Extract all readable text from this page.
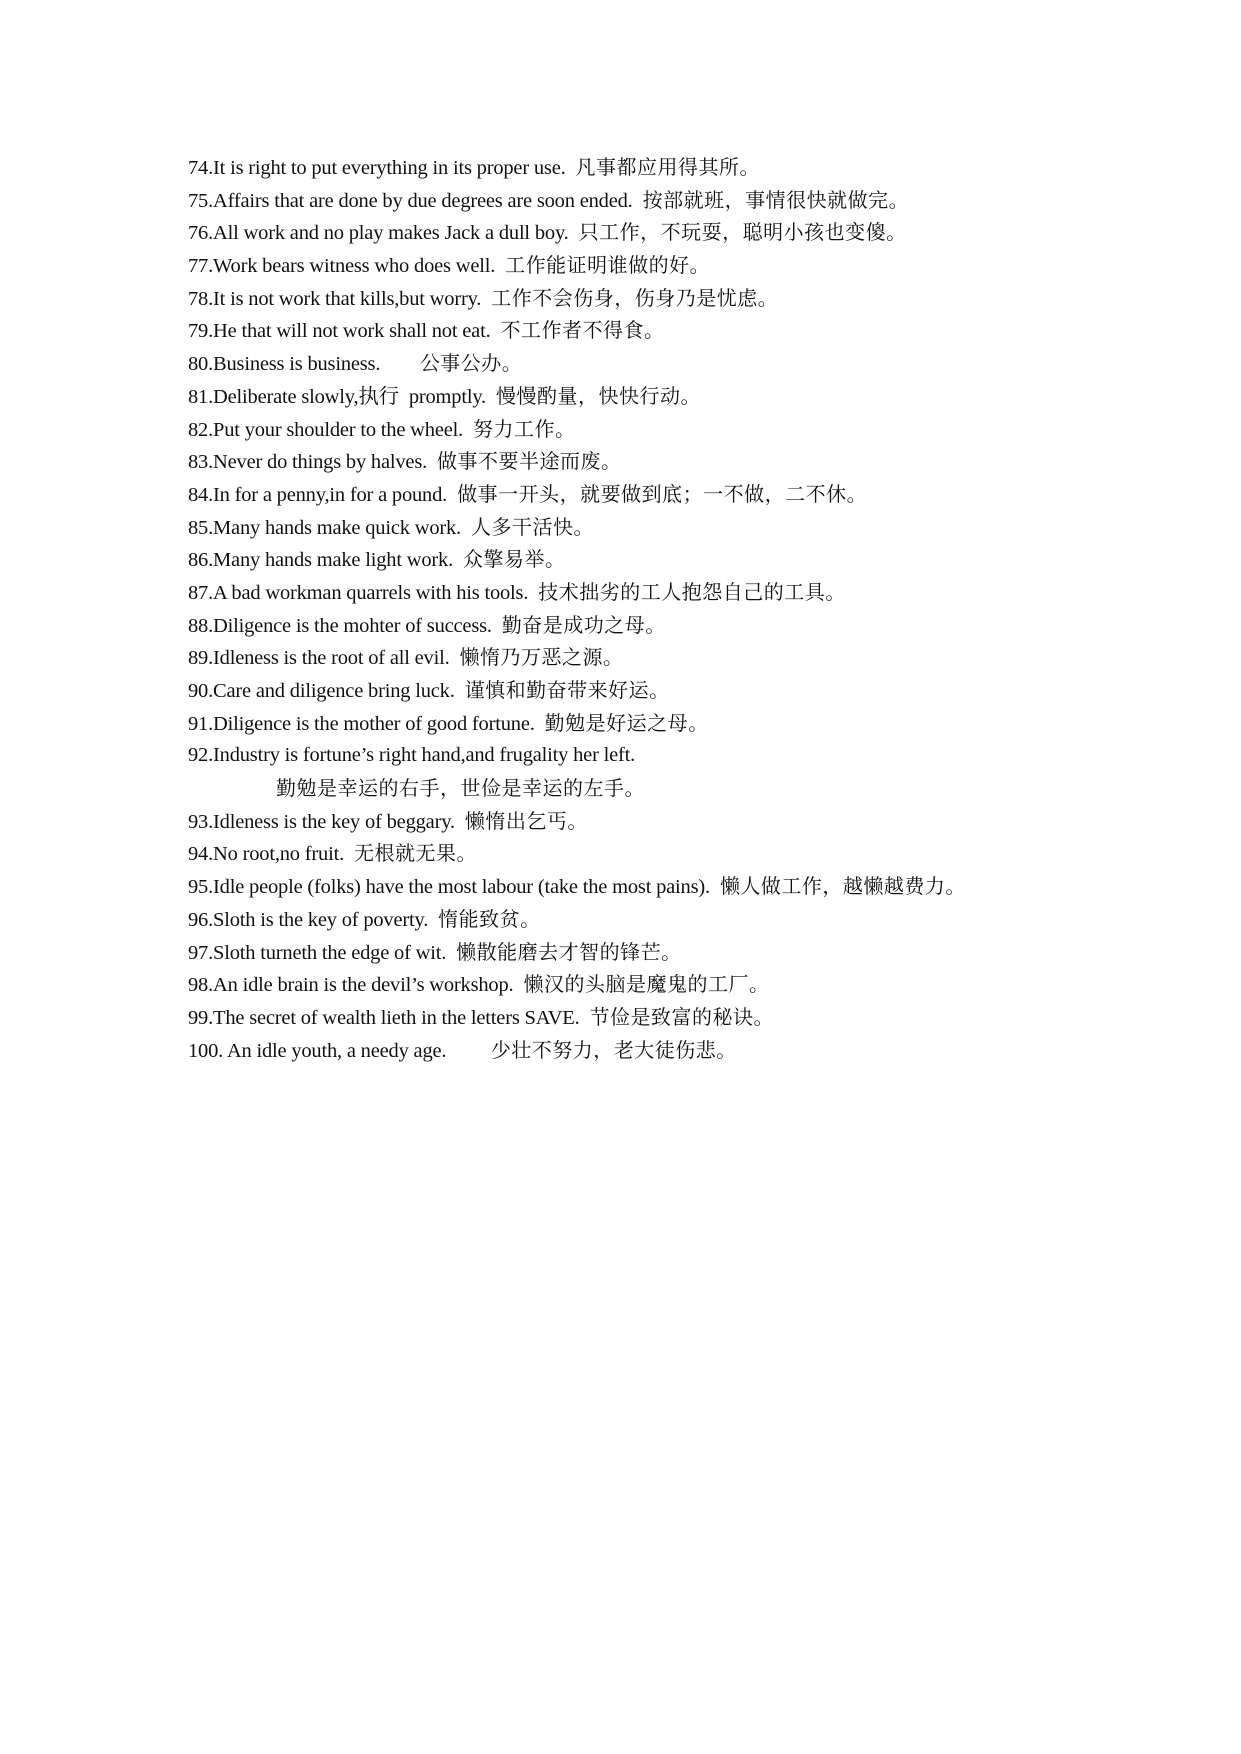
74.It is right to put everything in its proper use. 凡事都应用得其所。
75.Affairs that are done by due degrees are soon ended. 按部就班，事情很快就做完。
76.All work and no play makes Jack a dull boy. 只工作，不玩耍，聪明小孩也变傻。
77.Work bears witness who does well. 工作能证明谁做的好。
78.It is not work that kills,but worry. 工作不会伤身，伤身乃是忧虑。
79.He that will not work shall not eat. 不工作者不得食。
80.Business is business.      公事公办。
81.Deliberate slowly,执行  promptly. 慢慢酌量，快快行动。
82.Put your shoulder to the wheel. 努力工作。
83.Never do things by halves. 做事不要半途而废。
84.In for a penny,in for a pound. 做事一开头，就要做到底；一不做，二不休。
85.Many hands make quick work. 人多干活快。
86.Many hands make light work. 众擎易举。
87.A bad workman quarrels with his tools. 技术拙劣的工人抱怨自己的工具。
88.Diligence is the mohter of success. 勤奋是成功之母。
89.Idleness is the root of all evil. 懒惰乃万恶之源。
90.Care and diligence bring luck. 谨慎和勤奋带来好运。
91.Diligence is the mother of good fortune. 勤勉是好运之母。
92.Industry is fortune’s right hand,and frugality her left.
勤勉是幸运的右手，世俭是幸运的左手。
93.Idleness is the key of beggary. 懒惰出乞丐。
94.No root,no fruit. 无根就无果。
95.Idle people (folks) have the most labour (take the most pains). 懒人做工作，越懒越费力。
96.Sloth is the key of poverty. 惰能致贫。
97.Sloth turneth the edge of wit. 懒散能磨去才智的锋芒。
98.An idle brain is the devil’s workshop. 懒汉的头脑是魔鬼的工厂。
99.The secret of wealth lieth in the letters SAVE. 节俭是致富的秘诀。
100. An idle youth, a needy age.       少壮不努力，老大徒伤悲。
